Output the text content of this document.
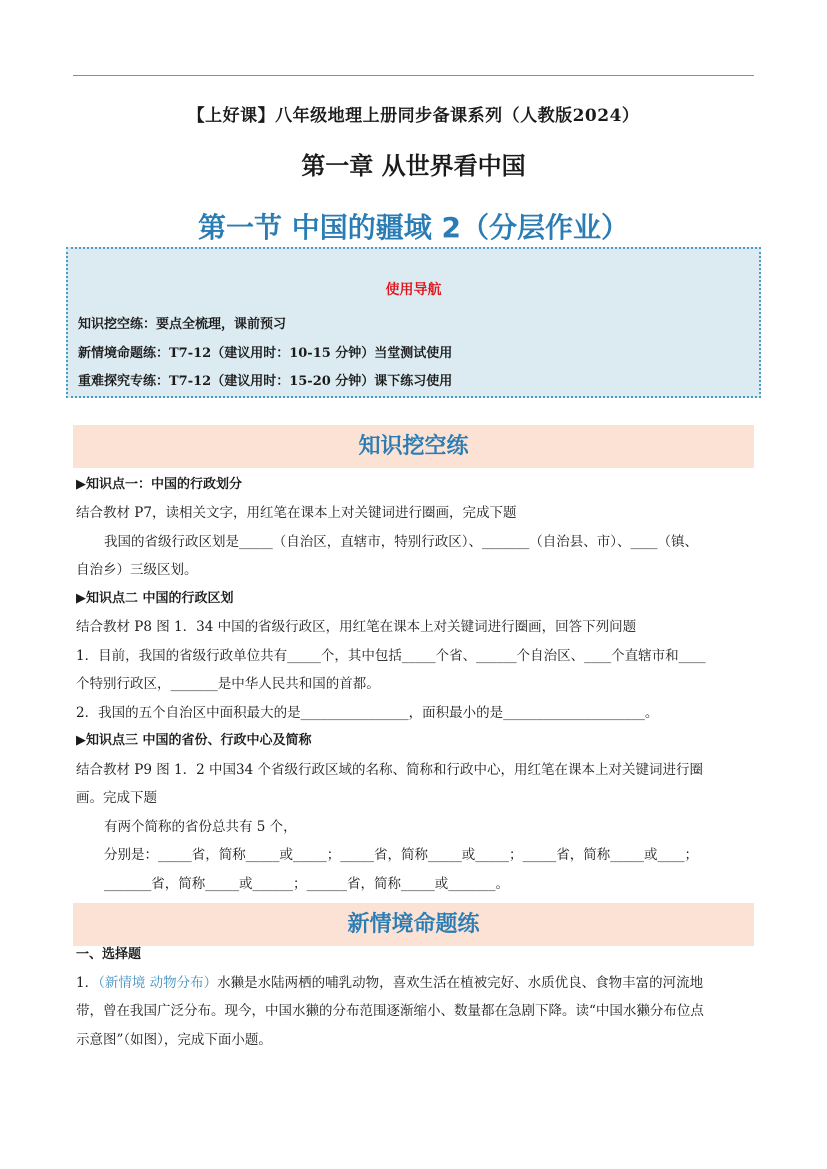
【上好课】八年级地理上册同步备课系列（人教版2024）
第一章 从世界看中国
第一节 中国的疆域 2（分层作业）
使用导航
知识挖空练：要点全梳理，课前预习
新情境命题练：T7-12（建议用时：10-15 分钟）当堂测试使用
重难探究专练：T7-12（建议用时：15-20 分钟）课下练习使用
知识挖空练
▶知识点一：中国的行政划分
结合教材 P7，读相关文字，用红笔在课本上对关键词进行圈画，完成下题
我国的省级行政区划是_____（自治区，直辖市，特别行政区）、_______（自治县、市）、____（镇、
自治乡）三级区划。
▶知识点二 中国的行政区划
结合教材 P8 图 1．34 中国的省级行政区，用红笔在课本上对关键词进行圈画，回答下列问题
1．目前，我国的省级行政单位共有_____个，其中包括_____个省、______个自治区、____个直辖市和____
个特别行政区，_______是中华人民共和国的首都。
2．我国的五个自治区中面积最大的是________________，面积最小的是_____________________。
▶知识点三 中国的省份、行政中心及简称
结合教材 P9 图 1．2 中国34 个省级行政区域的名称、简称和行政中心，用红笔在课本上对关键词进行圈
画。完成下题
有两个简称的省份总共有 5 个，
分别是：_____省，简称_____或_____；_____省，简称_____或_____；_____省，简称_____或____；
_______省，简称_____或______；______省，简称_____或_______。
新情境命题练
一、选择题
1．（新情境 动物分布）水獭是水陆两栖的哺乳动物，喜欢生活在植被完好、水质优良、食物丰富的河流地
带，曾在我国广泛分布。现今，中国水獭的分布范围逐渐缩小、数量都在急剧下降。读“中国水獭分布位点
示意图”（如图），完成下面小题。
